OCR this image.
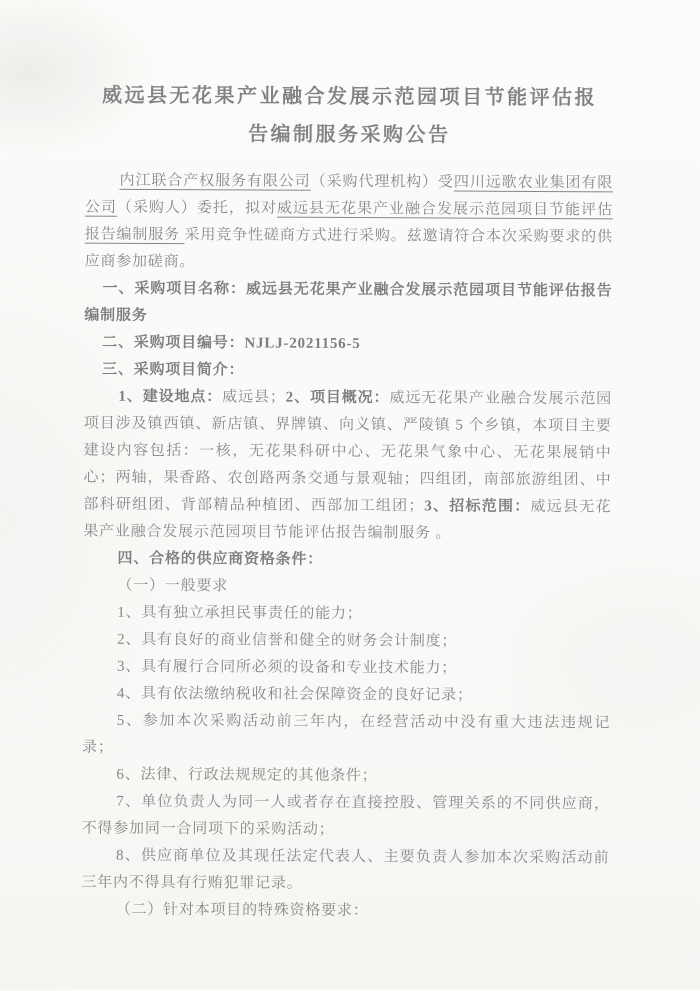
威远县无花果产业融合发展示范园项目节能评估报
告编制服务采购公告

内江联合产权服务有限公司（采购代理机构）受四川远歌农业集团有限公司（采购人）委托，拟对威远县无花果产业融合发展示范园项目节能评估报告编制服务 采用竞争性磋商方式进行采购。兹邀请符合本次采购要求的供应商参加磋商。

一、采购项目名称：威远县无花果产业融合发展示范园项目节能评估报告编制服务

二、采购项目编号：NJLJ-2021156-5

三、采购项目简介：

1、建设地点：威远县；2、项目概况：威远无花果产业融合发展示范园项目涉及镇西镇、新店镇、界牌镇、向义镇、严陵镇 5 个乡镇，本项目主要建设内容包括：一核，无花果科研中心、无花果气象中心、无花果展销中心；两轴，果香路、农创路两条交通与景观轴；四组团，南部旅游组团、中部科研组团、背部精品种植团、西部加工组团；3、招标范围：威远县无花果产业融合发展示范园项目节能评估报告编制服务 。

四、合格的供应商资格条件：

（一）一般要求

1、具有独立承担民事责任的能力；

2、具有良好的商业信誉和健全的财务会计制度；

3、具有履行合同所必须的设备和专业技术能力；

4、具有依法缴纳税收和社会保障资金的良好记录；

5、参加本次采购活动前三年内，在经营活动中没有重大违法违规记录；

6、法律、行政法规规定的其他条件；

7、单位负责人为同一人或者存在直接控股、管理关系的不同供应商，不得参加同一合同项下的采购活动；

8、供应商单位及其现任法定代表人、主要负责人参加本次采购活动前三年内不得具有行贿犯罪记录。

（二）针对本项目的特殊资格要求：
